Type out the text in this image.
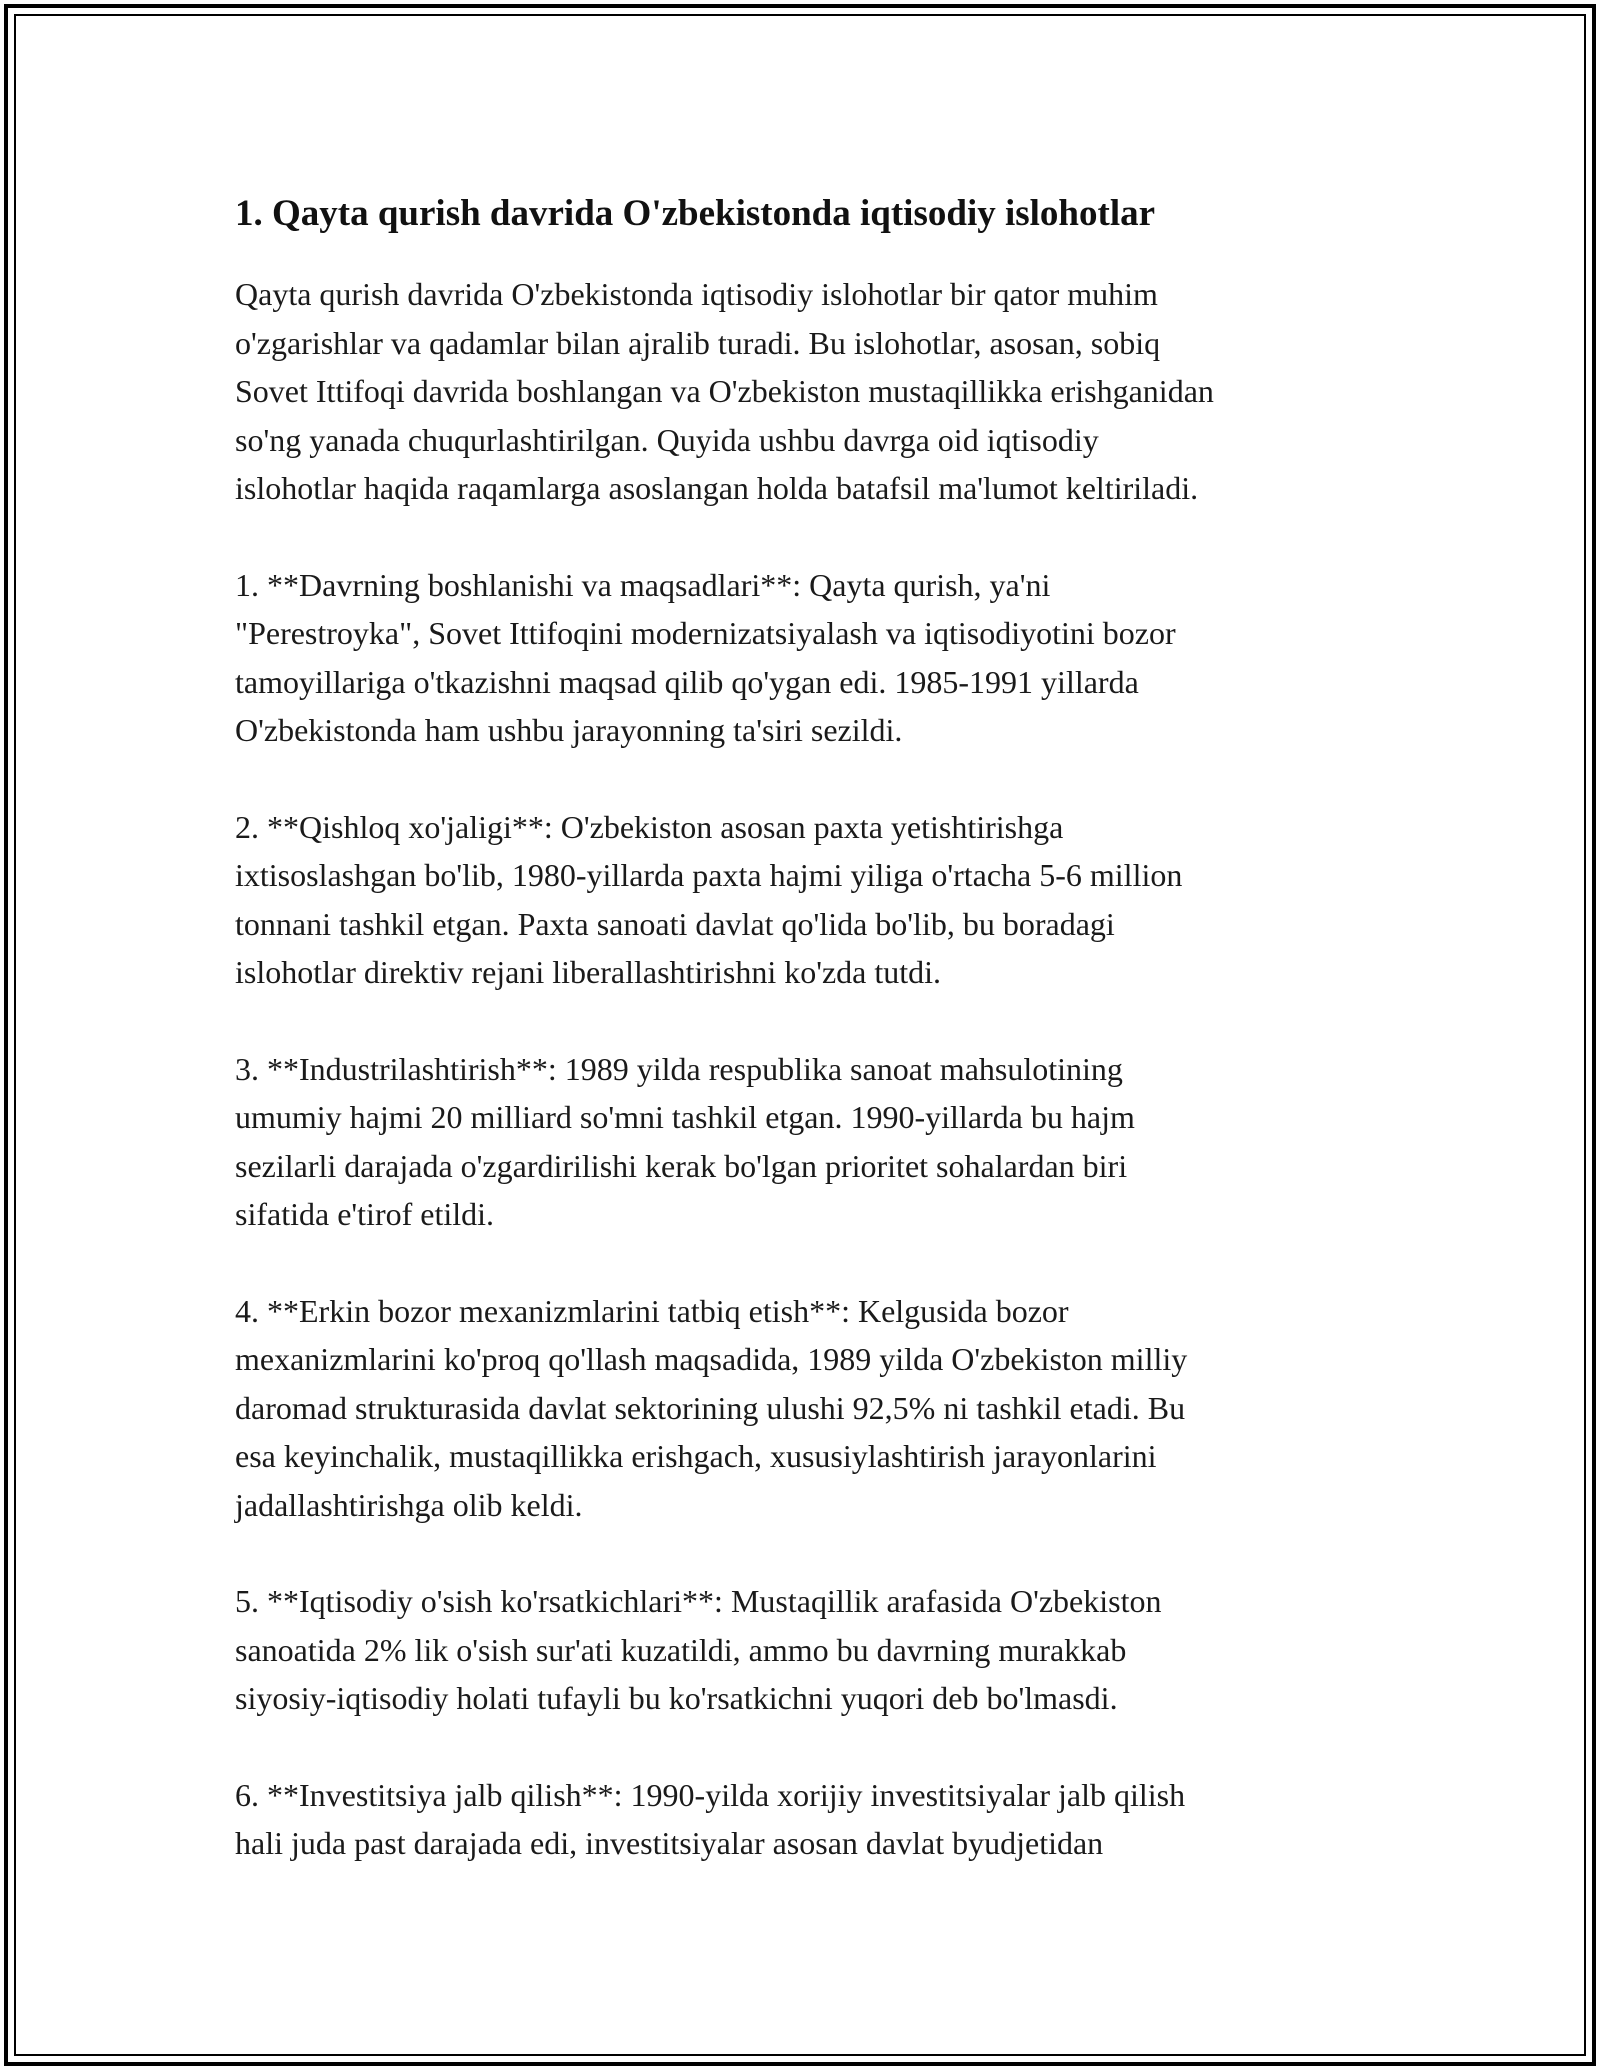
1. Qayta qurish davrida O'zbekistonda iqtisodiy islohotlar

Qayta qurish davrida O'zbekistonda iqtisodiy islohotlar bir qator muhim
o'zgarishlar va qadamlar bilan ajralib turadi. Bu islohotlar, asosan, sobiq
Sovet Ittifoqi davrida boshlangan va O'zbekiston mustaqillikka erishganidan
so'ng yanada chuqurlashtirilgan. Quyida ushbu davrga oid iqtisodiy
islohotlar haqida raqamlarga asoslangan holda batafsil ma'lumot keltiriladi.

1. **Davrning boshlanishi va maqsadlari**: Qayta qurish, ya'ni
"Perestroyka", Sovet Ittifoqini modernizatsiyalash va iqtisodiyotini bozor
tamoyillariga o'tkazishni maqsad qilib qo'ygan edi. 1985-1991 yillarda
O'zbekistonda ham ushbu jarayonning ta'siri sezildi.

2. **Qishloq xo'jaligi**: O'zbekiston asosan paxta yetishtirishga
ixtisoslashgan bo'lib, 1980-yillarda paxta hajmi yiliga o'rtacha 5-6 million
tonnani tashkil etgan. Paxta sanoati davlat qo'lida bo'lib, bu boradagi
islohotlar direktiv rejani liberallashtirishni ko'zda tutdi.

3. **Industrilashtirish**: 1989 yilda respublika sanoat mahsulotining
umumiy hajmi 20 milliard so'mni tashkil etgan. 1990-yillarda bu hajm
sezilarli darajada o'zgardirilishi kerak bo'lgan prioritet sohalardan biri
sifatida e'tirof etildi.

4. **Erkin bozor mexanizmlarini tatbiq etish**: Kelgusida bozor
mexanizmlarini ko'proq qo'llash maqsadida, 1989 yilda O'zbekiston milliy
daromad strukturasida davlat sektorining ulushi 92,5% ni tashkil etadi. Bu
esa keyinchalik, mustaqillikka erishgach, xususiylashtirish jarayonlarini
jadallashtirishga olib keldi.

5. **Iqtisodiy o'sish ko'rsatkichlari**: Mustaqillik arafasida O'zbekiston
sanoatida 2% lik o'sish sur'ati kuzatildi, ammo bu davrning murakkab
siyosiy-iqtisodiy holati tufayli bu ko'rsatkichni yuqori deb bo'lmasdi.

6. **Investitsiya jalb qilish**: 1990-yilda xorijiy investitsiyalar jalb qilish
hali juda past darajada edi, investitsiyalar asosan davlat byudjetidan
